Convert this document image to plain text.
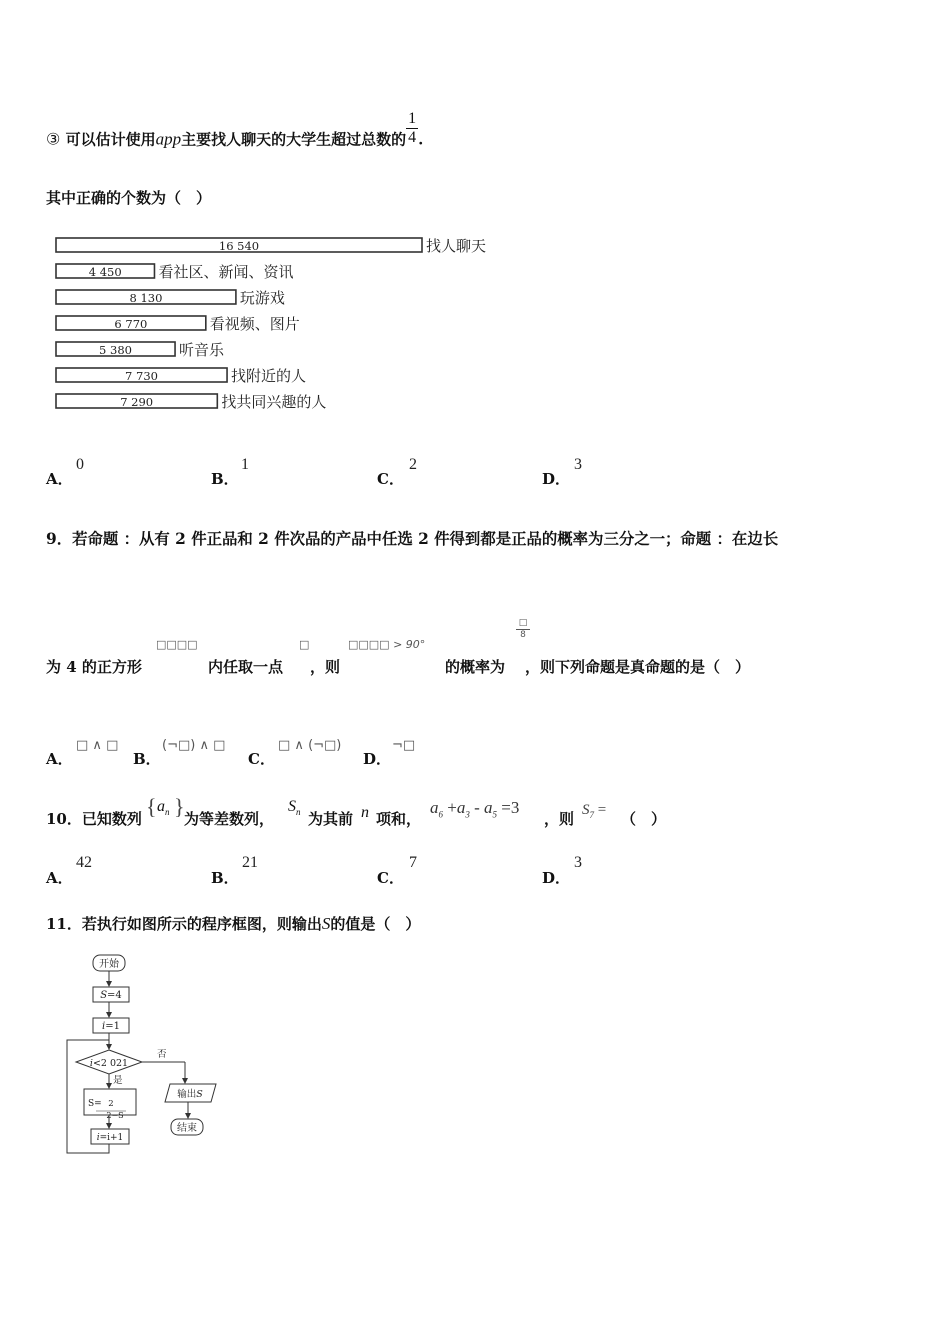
③ 可以估计使用app主要找人聊天的大学生超过总数的 $\frac{1}{4}$ .
其中正确的个数为（　）
16 540	找人聊天
4 450 看社区、新闻、资讯
8 130	玩游戏
6 770	看视频、图片
5 380	听音乐
7 730	找附近的人
7 290	找共同兴趣的人
A．
0
B．
1
C．
2
D．
3
9．若命题 ：从有 2 件正品和 2 件次品的产品中任选 2 件得到都是正品的概率为三分之一；命题 ：在边长
为 4 的正方形
□□□□
内任取一点
□
，则
□□□□ > 90°
的概率为
□
8
，则下列命题是真命题的是（　）
A．
□ ∧ □
B．
(¬□) ∧ □
C．
□ ∧ (¬□)
D．
¬□
10．已知数列 { $a_n$ } 为等差数列，
$S_n$ 为其前 n 项和，
$a_6 +a_3 - a_5 =3$
，则 $S_7$ = （　）
A．
42
B．
21
C．
7
D．
3
11．若执行如图所示的程序框图，则输出S的值是（　）
开始
S=4
i=1
i<2 021
否
是
S= 2
2−S
i=i+1
输出S
结束
